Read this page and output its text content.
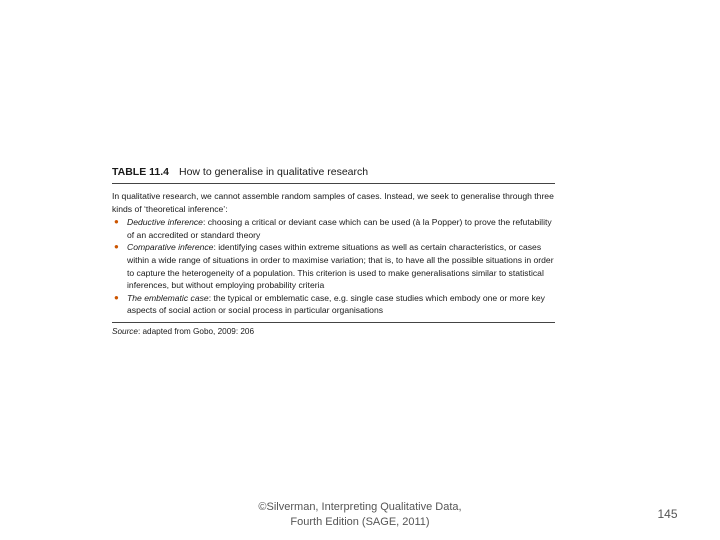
TABLE 11.4 How to generalise in qualitative research

In qualitative research, we cannot assemble random samples of cases. Instead, we seek to generalise through three kinds of ‘theoretical inference’:

● Deductive inference: choosing a critical or deviant case which can be used (à la Popper) to prove the refutability of an accredited or standard theory
● Comparative inference: identifying cases within extreme situations as well as certain characteristics, or cases within a wide range of situations in order to maximise variation; that is, to have all the possible situations in order to capture the heterogeneity of a population. This criterion is used to make generalisations similar to statistical inferences, but without employing probability criteria
● The emblematic case: the typical or emblematic case, e.g. single case studies which embody one or more key aspects of social action or social process in particular organisations
Source: adapted from Gobo, 2009: 206
©Silverman, Interpreting Qualitative Data,
Fourth Edition (SAGE, 2011)
145
